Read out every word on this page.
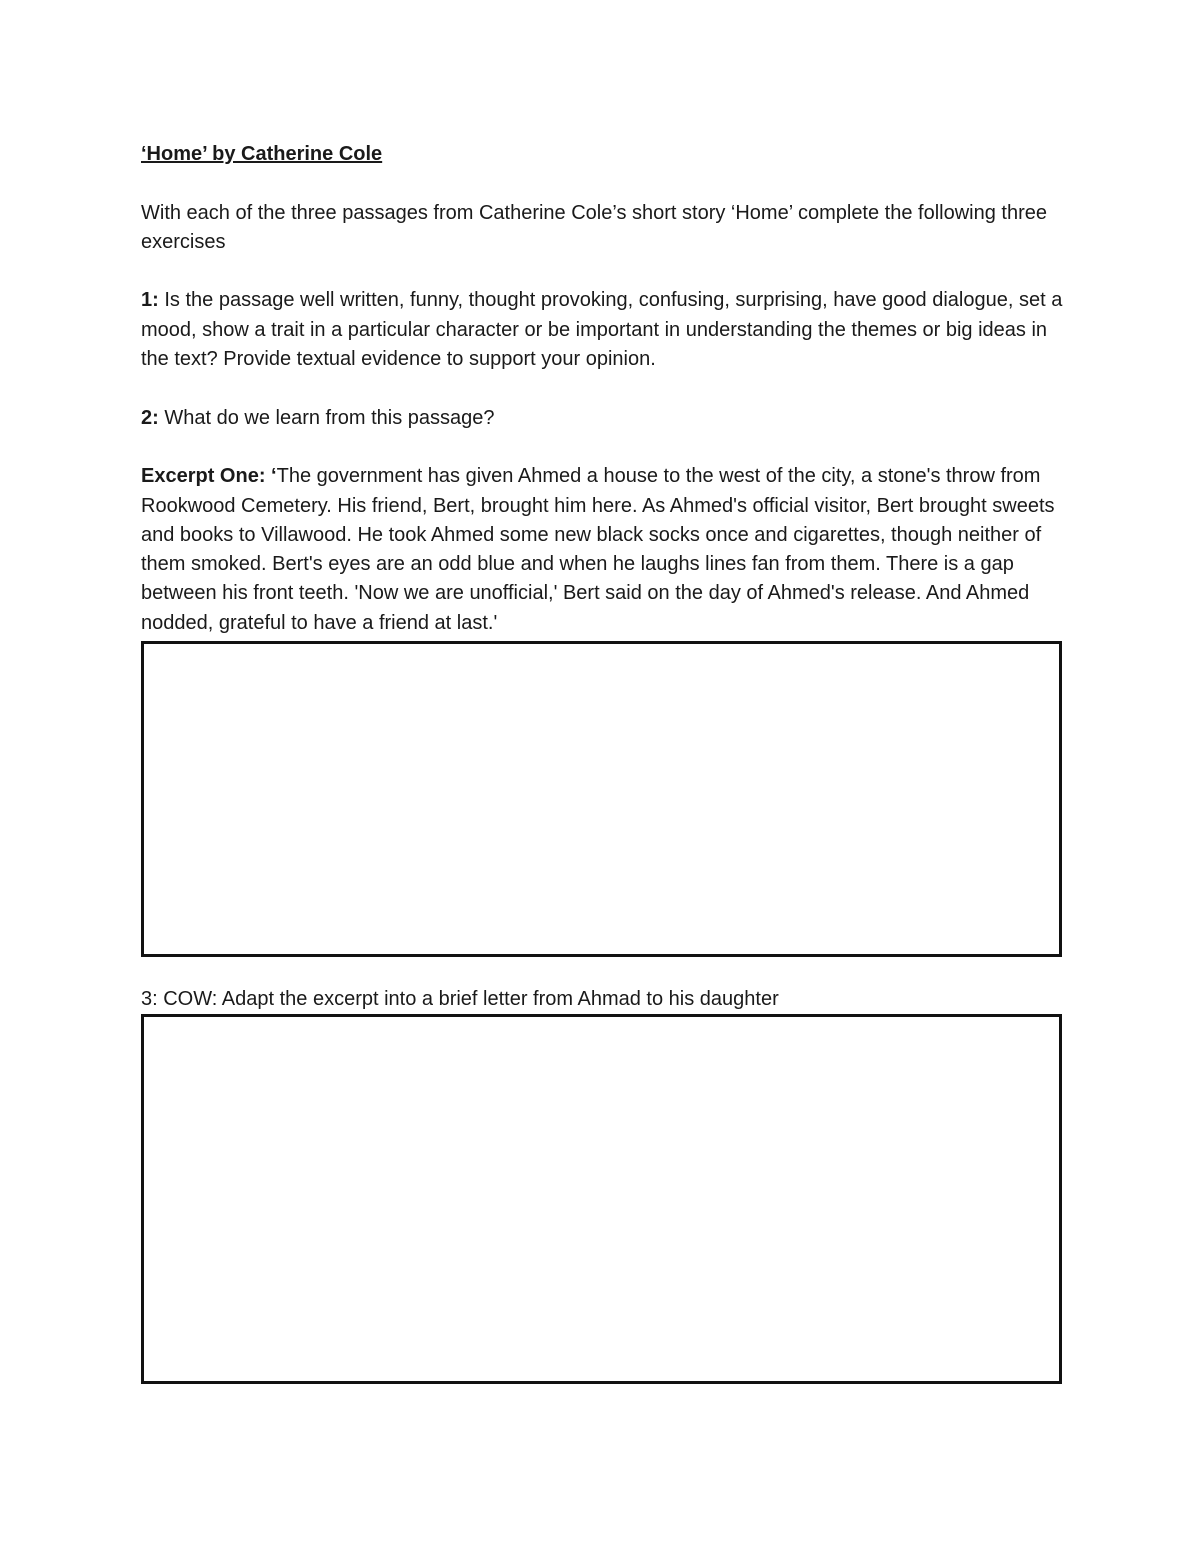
‘Home’ by Catherine Cole

With each of the three passages from Catherine Cole’s short story ‘Home’ complete the following three exercises

1: Is the passage well written, funny, thought provoking, confusing, surprising, have good dialogue, set a mood, show a trait in a particular character or be important in understanding the themes or big ideas in the text? Provide textual evidence to support your opinion.

2: What do we learn from this passage?

Excerpt One: ‘The government has given Ahmed a house to the west of the city, a stone's throw from Rookwood Cemetery. His friend, Bert, brought him here. As Ahmed's official visitor, Bert brought sweets and books to Villawood. He took Ahmed some new black socks once and cigarettes, though neither of them smoked. Bert's eyes are an odd blue and when he laughs lines fan from them. There is a gap between his front teeth. 'Now we are unofficial,' Bert said on the day of Ahmed's release. And Ahmed nodded, grateful to have a friend at last.'

3: COW: Adapt the excerpt into a brief letter from Ahmad to his daughter
